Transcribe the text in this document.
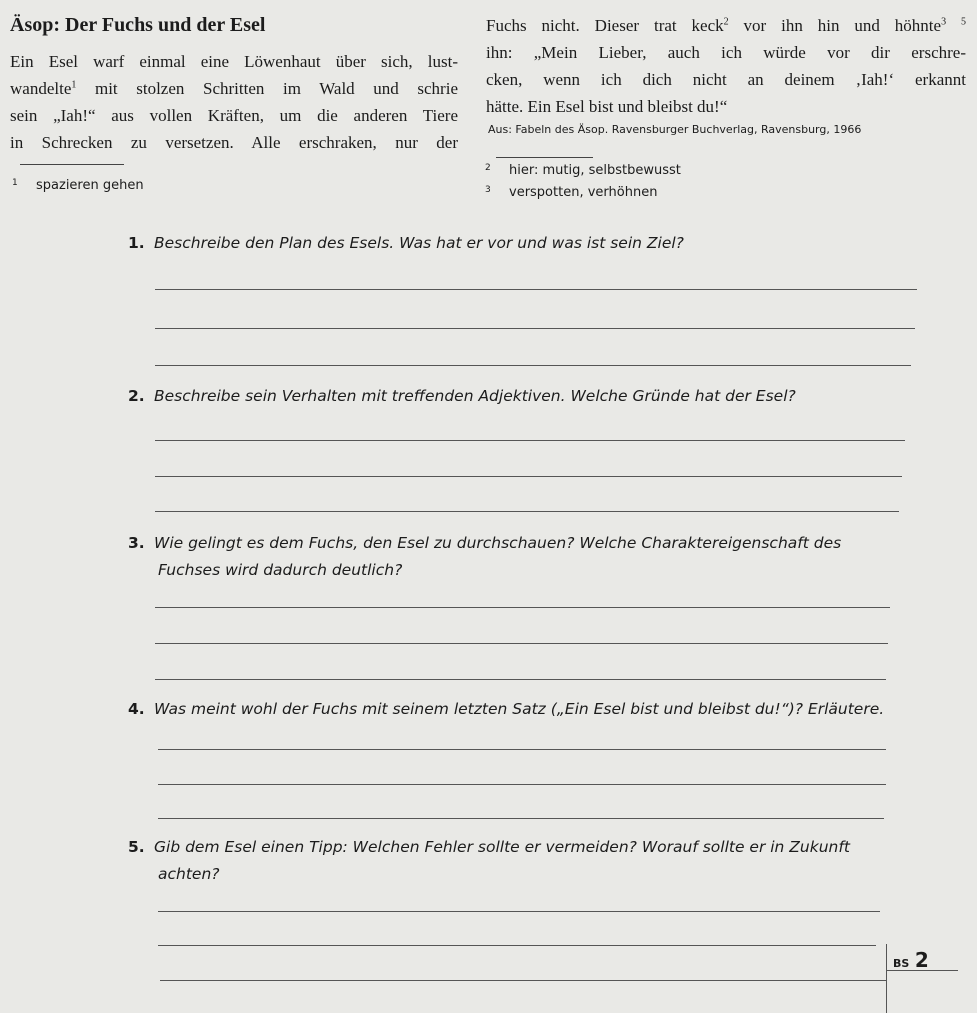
Äsop: Der Fuchs und der Esel
Ein Esel warf einmal eine Löwenhaut über sich, lust-
wandelte$^1$ mit stolzen Schritten im Wald und schrie
sein „Iah!“ aus vollen Kräften, um die anderen Tiere
in Schrecken zu versetzen. Alle erschraken, nur der
Fuchs nicht. Dieser trat keck$^2$ vor ihn hin und höhnte$^3$ $^5$
ihn: „Mein Lieber, auch ich würde vor dir erschre-
cken, wenn ich dich nicht an deinem ‚Iah!‘ erkannt
hätte. Ein Esel bist und bleibst du!“
Aus: Fabeln des Äsop. Ravensburger Buchverlag, Ravensburg, 1966
1 spazieren gehen
2 hier: mutig, selbstbewusst
3 verspotten, verhöhnen
1. Beschreibe den Plan des Esels. Was hat er vor und was ist sein Ziel?
2. Beschreibe sein Verhalten mit treffenden Adjektiven. Welche Gründe hat der Esel?
3. Wie gelingt es dem Fuchs, den Esel zu durchschauen? Welche Charaktereigenschaft des
Fuchses wird dadurch deutlich?
4. Was meint wohl der Fuchs mit seinem letzten Satz („Ein Esel bist und bleibst du!“)? Erläutere.
5. Gib dem Esel einen Tipp: Welchen Fehler sollte er vermeiden? Worauf sollte er in Zukunft
achten?
BS 2
